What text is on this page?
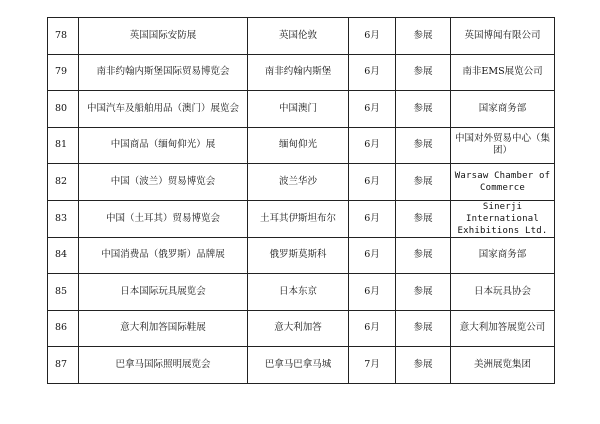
78	英国国际安防展	英国伦敦	6月	参展	英国博闻有限公司
79	南非约翰内斯堡国际贸易博览会	南非约翰内斯堡	6月	参展	南非EMS展览公司
80	中国汽车及船舶用品（澳门）展览会	中国澳门	6月	参展	国家商务部
81	中国商品（缅甸仰光）展	缅甸仰光	6月	参展	中国对外贸易中心（集
团）
82	中国（波兰）贸易博览会	波兰华沙	6月	参展	Warsaw Chamber of
Commerce
83	中国（土耳其）贸易博览会	土耳其伊斯坦布尔	6月	参展	Sinerji International
Exhibitions Ltd.
84	中国消费品（俄罗斯）品牌展	俄罗斯莫斯科	6月	参展	国家商务部
85	日本国际玩具展览会	日本东京	6月	参展	日本玩具协会
86	意大利加答国际鞋展	意大利加答	6月	参展	意大利加答展览公司
87	巴拿马国际照明展览会	巴拿马巴拿马城	7月	参展	美洲展览集团
